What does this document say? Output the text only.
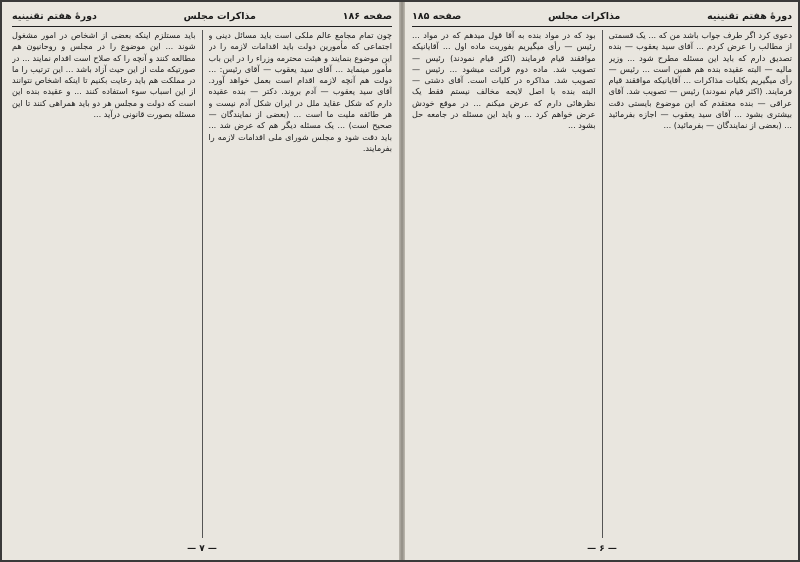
صفحه ۱۸۶
مذاکرات مجلس
دورهٔ هفتم تقنینیه

چون تمام مجامع عالم ملکی است باید مسائل دینی و اجتماعی که مأمورین دولت باید اقدامات لازمه را در این موضوع بنمایند و هیئت محترمه وزراء را در این باب مأمور مینماید ... آقای سید یعقوب — آقای رئیس: ... دولت هم آنچه لازمه اقدام است بعمل خواهد آورد. آقای سید یعقوب — آدم بروند. دکتر — بنده عقیده دارم که شکل عقاید ملل در ایران شکل آدم نیست و هر طائفه ملیت ما است ... (بعضی از نمایندگان — صحیح است) ... یک مسئله دیگر هم که عرض شد ... باید دقت شود و مجلس شورای ملی اقدامات لازمه را بفرمایند.

باید مستلزم اینکه بعضی از اشخاص در امور مشغول شوند ... این موضوع را در مجلس و روحانیون هم مطالعه کنند و آنچه را که صلاح است اقدام نمایند ... در صورتیکه ملت از این حیث آزاد باشد ... این ترتیب را ما در مملکت هم باید رعایت بکنیم تا اینکه اشخاص نتوانند از این اسباب سوء استفاده کنند ... و عقیده بنده این است که دولت و مجلس هر دو باید همراهی کنند تا این مسئله بصورت قانونی درآید ...

— ۷ —
دورهٔ هفتم تقنینیه
مذاکرات مجلس
صفحه ۱۸۵

دعوی کرد اگر طرف جواب باشد من که ... یک قسمتی از مطالب را عرض کردم ... آقای سید یعقوب — بنده تصدیق دارم که باید این مسئله مطرح شود ... وزیر مالیه — البته عقیده بنده هم همین است ... رئیس — رأی میگیریم بکلیات مذاکرات ... آقایانیکه موافقند قیام فرمایند. (اکثر قیام نمودند) رئیس — تصویب شد. آقای عراقی — بنده معتقدم که این موضوع بایستی دقت بیشتری بشود ... آقای سید یعقوب — اجازه بفرمائید ... (بعضی از نمایندگان — بفرمائید) ...

بود که در مواد بنده به آقا قول میدهم که در مواد ... رئیس — رأی میگیریم بفوریت ماده اول ... آقایانیکه موافقند قیام فرمایند (اکثر قیام نمودند) رئیس — تصویب شد. ماده دوم قرائت میشود ... رئیس — تصویب شد. مذاکره در کلیات است. آقای دشتی — البته بنده با اصل لایحه مخالف نیستم فقط یک نظرهائی دارم که عرض میکنم ... در موقع خودش عرض خواهم کرد ... و باید این مسئله در جامعه حل بشود ...

— ۶ —
